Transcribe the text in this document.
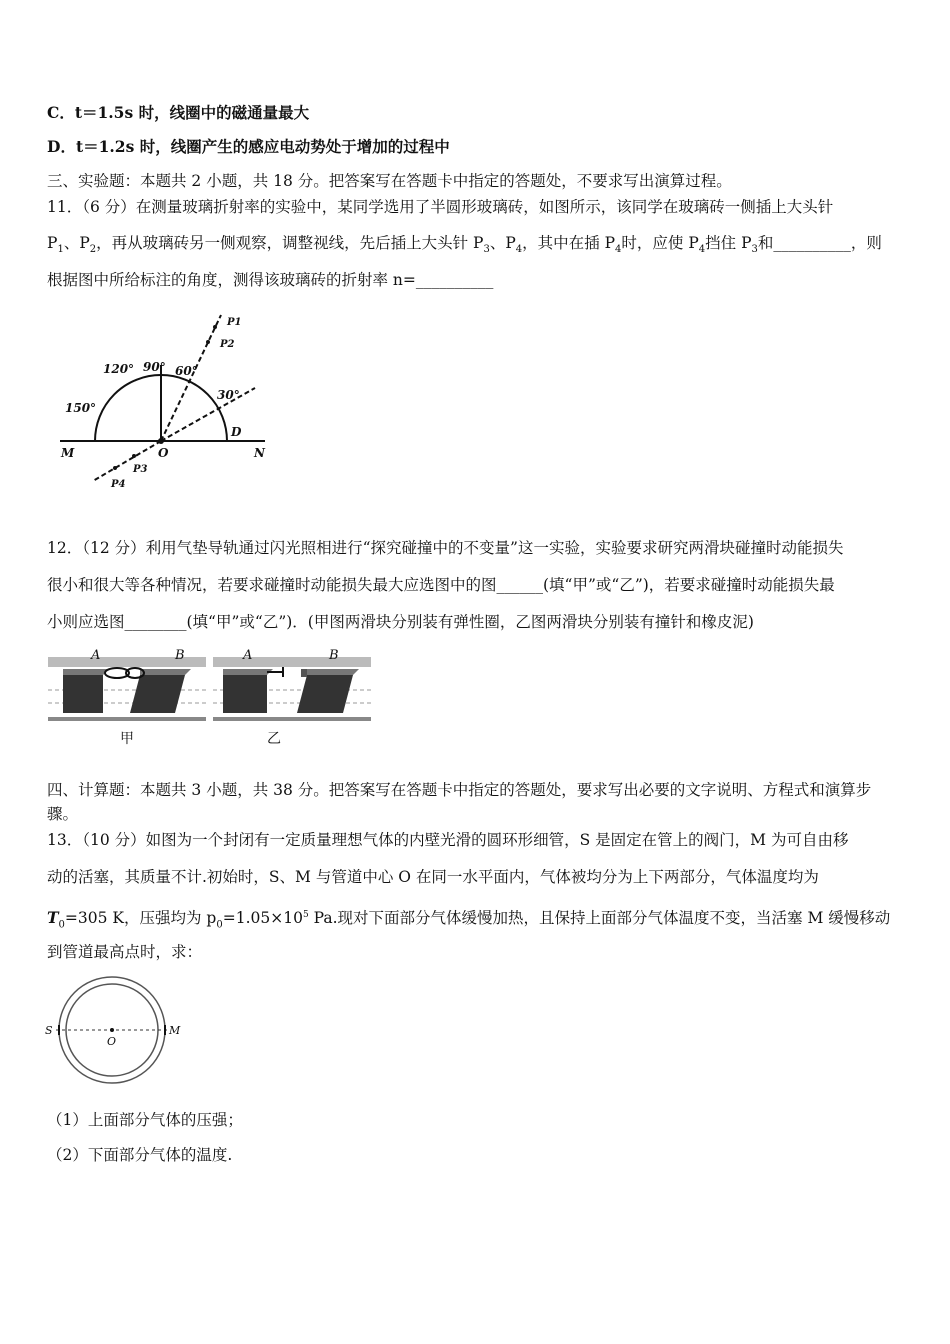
C．t＝1.5s 时，线圈中的磁通量最大
D．t＝1.2s 时，线圈产生的感应电动势处于增加的过程中
三、实验题：本题共 2 小题，共 18 分。把答案写在答题卡中指定的答题处，不要求写出演算过程。
11．（6 分）在测量玻璃折射率的实验中，某同学选用了半圆形玻璃砖，如图所示，该同学在玻璃砖一侧插上大头针
$P_1$、$P_2$，再从玻璃砖另一侧观察，调整视线，先后插上大头针 $P_3$、$P_4$，其中在插 $P_4$时，应使 $P_4$挡住 $P_3$和__________，则
根据图中所给标注的角度，测得该玻璃砖的折射率 n=__________
120° 90° 60°
30°
150°
M	O	N
D
P1
P2
P3
P4
12．（12 分）利用气垫导轨通过闪光照相进行“探究碰撞中的不变量”这一实验，实验要求研究两滑块碰撞时动能损失
很小和很大等各种情况，若要求碰撞时动能损失最大应选图中的图______(填“甲”或“乙”)，若要求碰撞时动能损失最
小则应选图________(填“甲”或“乙”)．(甲图两滑块分别装有弹性圈，乙图两滑块分别装有撞针和橡皮泥)
A	B	A	B
甲	乙
四、计算题：本题共 3 小题，共 38 分。把答案写在答题卡中指定的答题处，要求写出必要的文字说明、方程式和演算步
骤。
13．（10 分）如图为一个封闭有一定质量理想气体的内壁光滑的圆环形细管，S 是固定在管上的阀门，M 为可自由移
动的活塞，其质量不计.初始时，S、M 与管道中心 O 在同一水平面内，气体被均分为上下两部分，气体温度均为
$T_0=305$ K，压强均为 $p_0=1.05\times 10^5$ Pa.现对下面部分气体缓慢加热，且保持上面部分气体温度不变，当活塞 M 缓慢移动
到管道最高点时，求：
S
O
M
（1）上面部分气体的压强；
（2）下面部分气体的温度.
